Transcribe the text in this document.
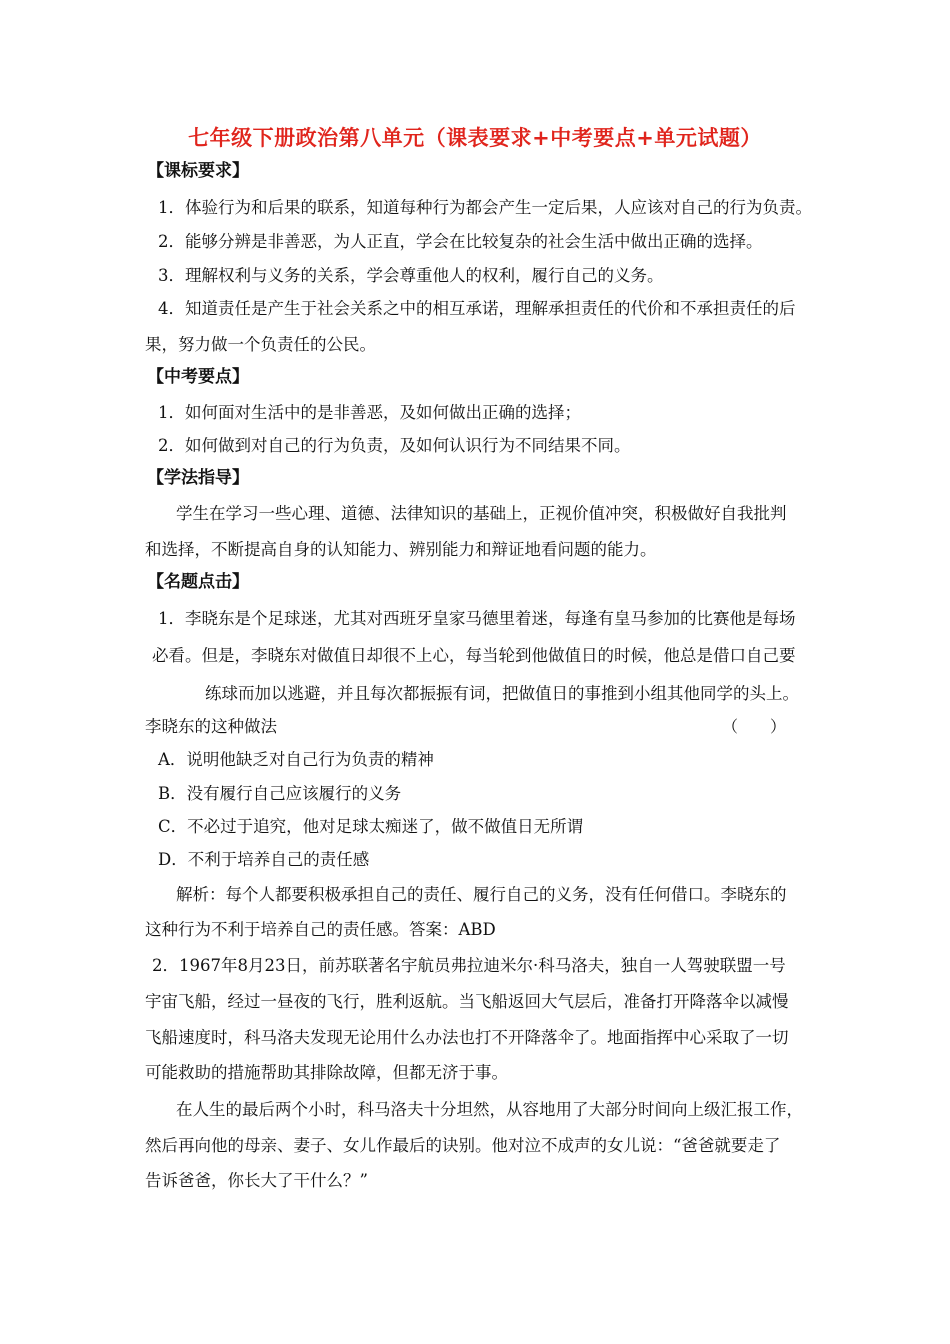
七年级下册政治第八单元（课表要求+中考要点+单元试题）
【课标要求】
1．体验行为和后果的联系，知道每种行为都会产生一定后果，人应该对自己的行为负责。
2．能够分辨是非善恶，为人正直，学会在比较复杂的社会生活中做出正确的选择。
3．理解权利与义务的关系，学会尊重他人的权利，履行自己的义务。
4．知道责任是产生于社会关系之中的相互承诺，理解承担责任的代价和不承担责任的后
果，努力做一个负责任的公民。
【中考要点】
1．如何面对生活中的是非善恶，及如何做出正确的选择；
2．如何做到对自己的行为负责，及如何认识行为不同结果不同。
【学法指导】
学生在学习一些心理、道德、法律知识的基础上，正视价值冲突，积极做好自我批判
和选择，不断提高自身的认知能力、辨别能力和辩证地看问题的能力。
【名题点击】
1．李晓东是个足球迷，尤其对西班牙皇家马德里着迷，每逢有皇马参加的比赛他是每场
必看。但是，李晓东对做值日却很不上心，每当轮到他做值日的时候，他总是借口自己要
练球而加以逃避，并且每次都振振有词，把做值日的事推到小组其他同学的头上。
李晓东的这种做法	（　　）
A．说明他缺乏对自己行为负责的精神
B．没有履行自己应该履行的义务
C．不必过于追究，他对足球太痴迷了，做不做值日无所谓
D．不利于培养自己的责任感
解析：每个人都要积极承担自己的责任、履行自己的义务，没有任何借口。李晓东的
这种行为不利于培养自己的责任感。答案：ABD
2．1967年8月23日，前苏联著名宇航员弗拉迪米尔·科马洛夫，独自一人驾驶联盟一号
宇宙飞船，经过一昼夜的飞行，胜利返航。当飞船返回大气层后，准备打开降落伞以减慢
飞船速度时，科马洛夫发现无论用什么办法也打不开降落伞了。地面指挥中心采取了一切
可能救助的措施帮助其排除故障，但都无济于事。
在人生的最后两个小时，科马洛夫十分坦然，从容地用了大部分时间向上级汇报工作，
然后再向他的母亲、妻子、女儿作最后的诀别。他对泣不成声的女儿说：“爸爸就要走了
告诉爸爸，你长大了干什么？”
